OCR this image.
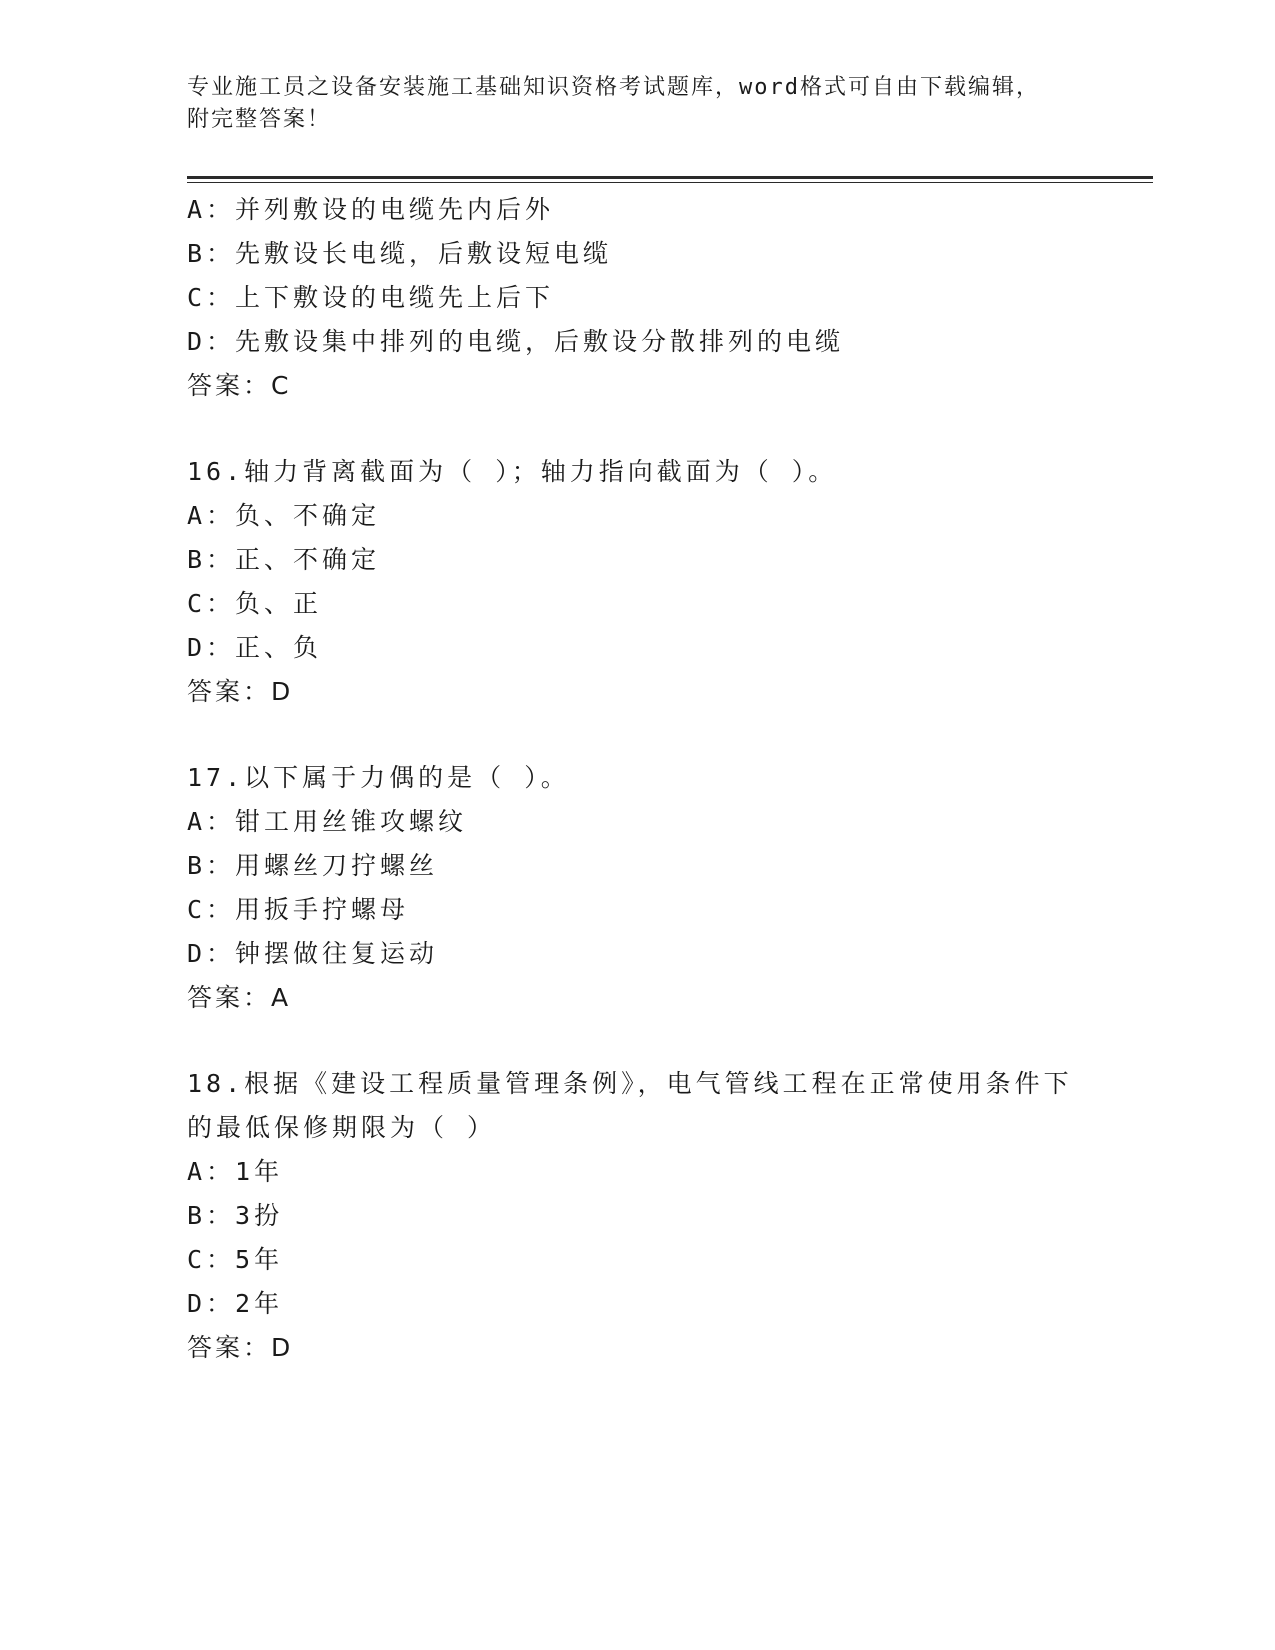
专业施工员之设备安装施工基础知识资格考试题库，word格式可自由下载编辑，
附完整答案！
A：并列敷设的电缆先内后外
B：先敷设长电缆，后敷设短电缆
C：上下敷设的电缆先上后下
D：先敷设集中排列的电缆，后敷设分散排列的电缆
答案：C
16.轴力背离截面为（ ）；轴力指向截面为（ ）。
A：负、不确定
B：正、不确定
C：负、正
D：正、负
答案：D
17.以下属于力偶的是（ ）。
A：钳工用丝锥攻螺纹
B：用螺丝刀拧螺丝
C：用扳手拧螺母
D：钟摆做往复运动
答案：A
18.根据《建设工程质量管理条例》，电气管线工程在正常使用条件下
的最低保修期限为（ ）
A：1年
B：3扮
C：5年
D：2年
答案：D
